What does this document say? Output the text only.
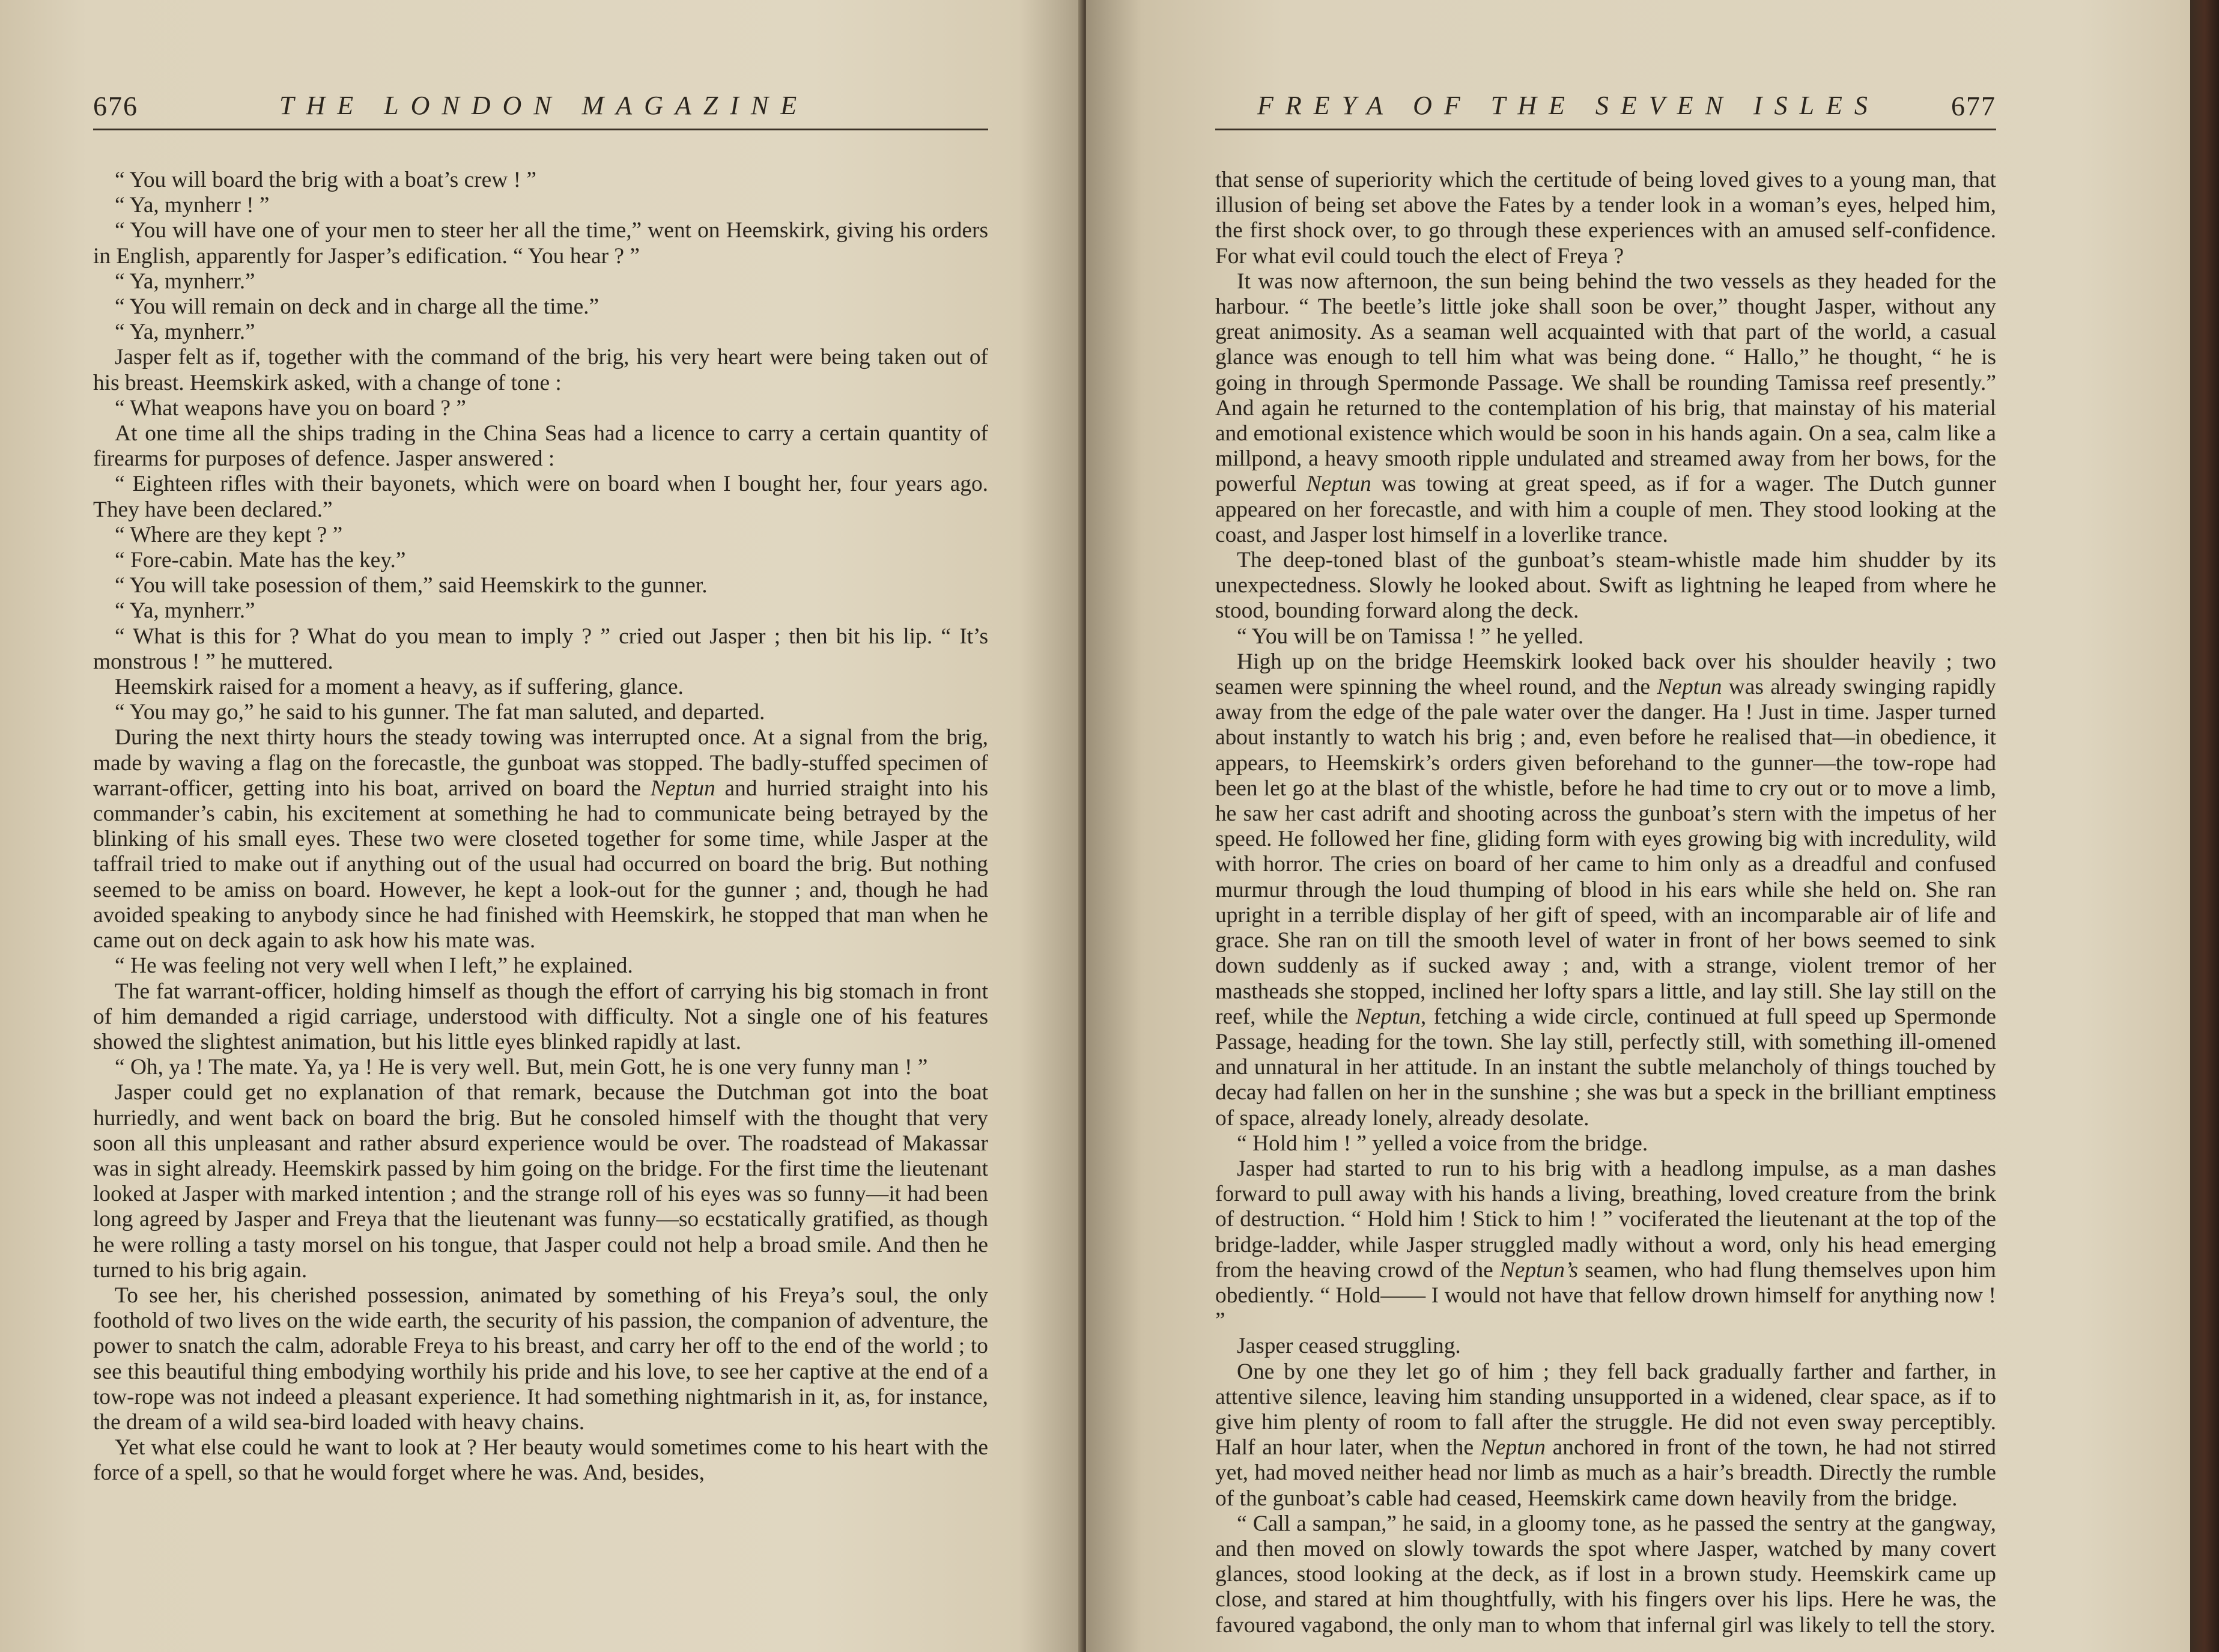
676	THE LONDON MAGAZINE

“ You will board the brig with a boat’s crew ! ”

“ Ya, mynherr ! ”

“ You will have one of your men to steer her all the time,” went on Heemskirk, giving his orders in English, apparently for Jasper’s edification. “ You hear ? ”

“ Ya, mynherr.”

“ You will remain on deck and in charge all the time.”

“ Ya, mynherr.”

Jasper felt as if, together with the command of the brig, his very heart were being taken out of his breast. Heemskirk asked, with a change of tone :

“ What weapons have you on board ? ”

At one time all the ships trading in the China Seas had a licence to carry a certain quantity of firearms for purposes of defence. Jasper answered :

“ Eighteen rifles with their bayonets, which were on board when I bought her, four years ago. They have been declared.”

“ Where are they kept ? ”

“ Fore-cabin. Mate has the key.”

“ You will take posession of them,” said Heemskirk to the gunner.

“ Ya, mynherr.”

“ What is this for ? What do you mean to imply ? ” cried out Jasper ; then bit his lip. “ It’s monstrous ! ” he muttered.

Heemskirk raised for a moment a heavy, as if suffering, glance.

“ You may go,” he said to his gunner. The fat man saluted, and departed.

During the next thirty hours the steady towing was interrupted once. At a signal from the brig, made by waving a flag on the forecastle, the gunboat was stopped. The badly-stuffed specimen of warrant-officer, getting into his boat, arrived on board the Neptun and hurried straight into his commander’s cabin, his excitement at something he had to communicate being betrayed by the blinking of his small eyes. These two were closeted together for some time, while Jasper at the taffrail tried to make out if anything out of the usual had occurred on board the brig. But nothing seemed to be amiss on board. However, he kept a look-out for the gunner ; and, though he had avoided speaking to anybody since he had finished with Heemskirk, he stopped that man when he came out on deck again to ask how his mate was.

“ He was feeling not very well when I left,” he explained.

The fat warrant-officer, holding himself as though the effort of carrying his big stomach in front of him demanded a rigid carriage, understood with difficulty. Not a single one of his features showed the slightest animation, but his little eyes blinked rapidly at last.

“ Oh, ya ! The mate. Ya, ya ! He is very well. But, mein Gott, he is one very funny man ! ”

Jasper could get no explanation of that remark, because the Dutchman got into the boat hurriedly, and went back on board the brig. But he consoled himself with the thought that very soon all this unpleasant and rather absurd experience would be over. The roadstead of Makassar was in sight already. Heemskirk passed by him going on the bridge. For the first time the lieutenant looked at Jasper with marked intention ; and the strange roll of his eyes was so funny—it had been long agreed by Jasper and Freya that the lieutenant was funny—so ecstatically gratified, as though he were rolling a tasty morsel on his tongue, that Jasper could not help a broad smile. And then he turned to his brig again.

To see her, his cherished possession, animated by something of his Freya’s soul, the only foothold of two lives on the wide earth, the security of his passion, the companion of adventure, the power to snatch the calm, adorable Freya to his breast, and carry her off to the end of the world ; to see this beautiful thing embodying worthily his pride and his love, to see her captive at the end of a tow-rope was not indeed a pleasant experience. It had something nightmarish in it, as, for instance, the dream of a wild sea-bird loaded with heavy chains.

Yet what else could he want to look at ? Her beauty would sometimes come to his heart with the force of a spell, so that he would forget where he was. And, besides,

FREYA OF THE SEVEN ISLES	677

that sense of superiority which the certitude of being loved gives to a young man, that illusion of being set above the Fates by a tender look in a woman’s eyes, helped him, the first shock over, to go through these experiences with an amused self-confidence. For what evil could touch the elect of Freya ?

It was now afternoon, the sun being behind the two vessels as they headed for the harbour. “ The beetle’s little joke shall soon be over,” thought Jasper, without any great animosity. As a seaman well acquainted with that part of the world, a casual glance was enough to tell him what was being done. “ Hallo,” he thought, “ he is going in through Spermonde Passage. We shall be rounding Tamissa reef presently.” And again he returned to the contemplation of his brig, that mainstay of his material and emotional existence which would be soon in his hands again. On a sea, calm like a millpond, a heavy smooth ripple undulated and streamed away from her bows, for the powerful Neptun was towing at great speed, as if for a wager. The Dutch gunner appeared on her forecastle, and with him a couple of men. They stood looking at the coast, and Jasper lost himself in a loverlike trance.

The deep-toned blast of the gunboat’s steam-whistle made him shudder by its unexpectedness. Slowly he looked about. Swift as lightning he leaped from where he stood, bounding forward along the deck.

“ You will be on Tamissa ! ” he yelled.

High up on the bridge Heemskirk looked back over his shoulder heavily ; two seamen were spinning the wheel round, and the Neptun was already swinging rapidly away from the edge of the pale water over the danger. Ha ! Just in time. Jasper turned about instantly to watch his brig ; and, even before he realised that—in obedience, it appears, to Heemskirk’s orders given beforehand to the gunner—the tow-rope had been let go at the blast of the whistle, before he had time to cry out or to move a limb, he saw her cast adrift and shooting across the gunboat’s stern with the impetus of her speed. He followed her fine, gliding form with eyes growing big with incredulity, wild with horror. The cries on board of her came to him only as a dreadful and confused murmur through the loud thumping of blood in his ears while she held on. She ran upright in a terrible display of her gift of speed, with an incomparable air of life and grace. She ran on till the smooth level of water in front of her bows seemed to sink down suddenly as if sucked away ; and, with a strange, violent tremor of her mastheads she stopped, inclined her lofty spars a little, and lay still. She lay still on the reef, while the Neptun, fetching a wide circle, continued at full speed up Spermonde Passage, heading for the town. She lay still, perfectly still, with something ill-omened and unnatural in her attitude. In an instant the subtle melancholy of things touched by decay had fallen on her in the sunshine ; she was but a speck in the brilliant emptiness of space, already lonely, already desolate.

“ Hold him ! ” yelled a voice from the bridge.

Jasper had started to run to his brig with a headlong impulse, as a man dashes forward to pull away with his hands a living, breathing, loved creature from the brink of destruction. “ Hold him ! Stick to him ! ” vociferated the lieutenant at the top of the bridge-ladder, while Jasper struggled madly without a word, only his head emerging from the heaving crowd of the Neptun’s seamen, who had flung themselves upon him obediently. “ Hold—— I would not have that fellow drown himself for anything now ! ”

Jasper ceased struggling.

One by one they let go of him ; they fell back gradually farther and farther, in attentive silence, leaving him standing unsupported in a widened, clear space, as if to give him plenty of room to fall after the struggle. He did not even sway perceptibly. Half an hour later, when the Neptun anchored in front of the town, he had not stirred yet, had moved neither head nor limb as much as a hair’s breadth. Directly the rumble of the gunboat’s cable had ceased, Heemskirk came down heavily from the bridge.

“ Call a sampan,” he said, in a gloomy tone, as he passed the sentry at the gangway, and then moved on slowly towards the spot where Jasper, watched by many covert glances, stood looking at the deck, as if lost in a brown study. Heemskirk came up close, and stared at him thoughtfully, with his fingers over his lips. Here he was, the favoured vagabond, the only man to whom that infernal girl was likely to tell the story.
